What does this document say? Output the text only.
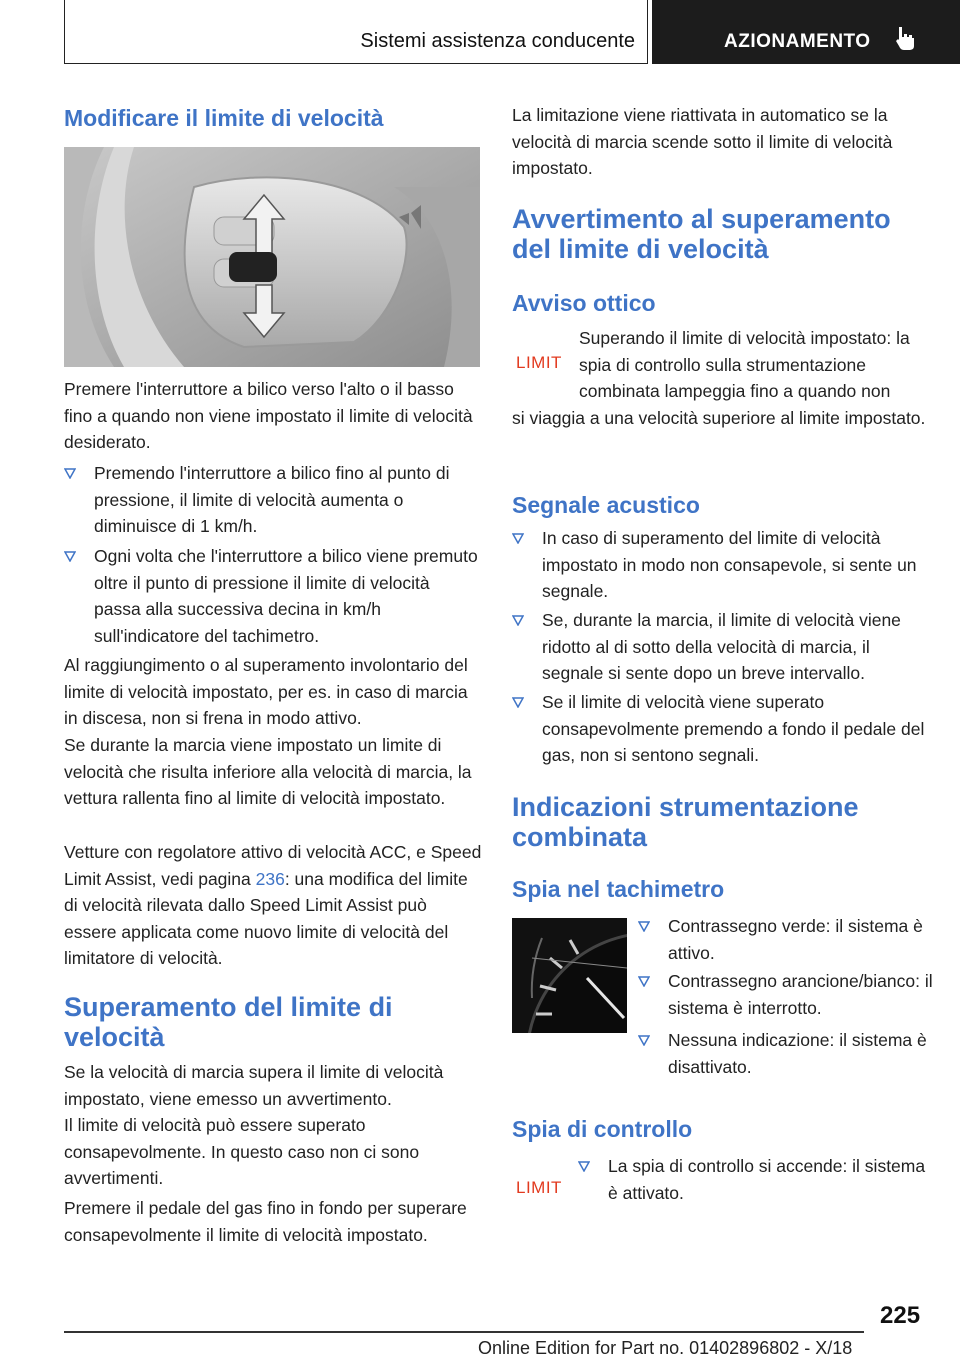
Sistemi assistenza conducente	AZIONAMENTO
Modificare il limite di velocità

Premere l'interruttore a bilico verso l'alto o il basso fino a quando non viene impostato il limite di velocità desiderato.

Premendo l'interruttore a bilico fino al punto di pressione, il limite di velocità aumenta o diminuisce di 1 km/h.
Ogni volta che l'interruttore a bilico viene premuto oltre il punto di pressione il limite di velocità passa alla successiva decina in km/h sull'indicatore del tachimetro.

Al raggiungimento o al superamento involontario del limite di velocità impostato, per es. in caso di marcia in discesa, non si frena in modo attivo.

Se durante la marcia viene impostato un limite di velocità che risulta inferiore alla velocità di marcia, la vettura rallenta fino al limite di velocità impostato.

Vetture con regolatore attivo di velocità ACC, e Speed Limit Assist, vedi pagina 236: una modifica del limite di velocità rilevata dallo Speed Limit Assist può essere applicata come nuovo limite di velocità del limitatore di velocità.

Superamento del limite di velocità

Se la velocità di marcia supera il limite di velocità impostato, viene emesso un avvertimento.

Il limite di velocità può essere superato consapevolmente. In questo caso non ci sono avvertimenti.

Premere il pedale del gas fino in fondo per superare consapevolmente il limite di velocità impostato.

La limitazione viene riattivata in automatico se la velocità di marcia scende sotto il limite di velocità impostato.

Avvertimento al superamento del limite di velocità
Avviso ottico
LIMIT

Superando il limite di velocità impostato: la spia di controllo sulla strumentazione combinata lampeggia fino a quando non
si viaggia a una velocità superiore al limite impostato.

Segnale acustico
In caso di superamento del limite di velocità impostato in modo non consapevole, si sente un segnale.
Se, durante la marcia, il limite di velocità viene ridotto al di sotto della velocità di marcia, il segnale si sente dopo un breve intervallo.
Se il limite di velocità viene superato consapevolmente premendo a fondo il pedale del gas, non si sentono segnali.
Indicazioni strumentazione combinata
Spia nel tachimetro
Contrassegno verde: il sistema è attivo.
Contrassegno arancione/bianco: il sistema è interrotto.
Nessuna indicazione: il sistema è disattivato.
Spia di controllo
LIMIT
La spia di controllo si accende: il sistema è attivato.
225
Online Edition for Part no. 01402896802 - X/18
